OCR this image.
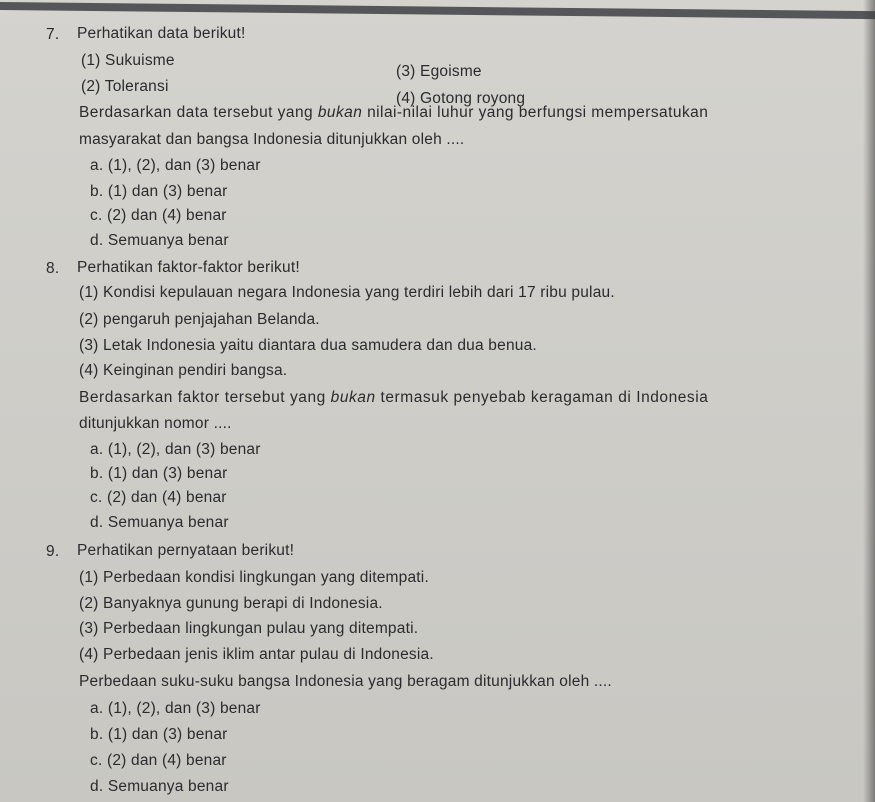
7. Perhatikan data berikut!
(1) Sukuisme
(2) Toleransi
(3) Egoisme
(4) Gotong royong
Berdasarkan data tersebut yang bukan nilai-nilai luhur yang berfungsi mempersatukan
masyarakat dan bangsa Indonesia ditunjukkan oleh ....
a. (1), (2), dan (3) benar
b. (1) dan (3) benar
c. (2) dan (4) benar
d. Semuanya benar
8. Perhatikan faktor-faktor berikut!
(1) Kondisi kepulauan negara Indonesia yang terdiri lebih dari 17 ribu pulau.
(2) pengaruh penjajahan Belanda.
(3) Letak Indonesia yaitu diantara dua samudera dan dua benua.
(4) Keinginan pendiri bangsa.
Berdasarkan faktor tersebut yang bukan termasuk penyebab keragaman di Indonesia
ditunjukkan nomor ....
a. (1), (2), dan (3) benar
b. (1) dan (3) benar
c. (2) dan (4) benar
d. Semuanya benar
9. Perhatikan pernyataan berikut!
(1) Perbedaan kondisi lingkungan yang ditempati.
(2) Banyaknya gunung berapi di Indonesia.
(3) Perbedaan lingkungan pulau yang ditempati.
(4) Perbedaan jenis iklim antar pulau di Indonesia.
Perbedaan suku-suku bangsa Indonesia yang beragam ditunjukkan oleh ....
a. (1), (2), dan (3) benar
b. (1) dan (3) benar
c. (2) dan (4) benar
d. Semuanya benar
